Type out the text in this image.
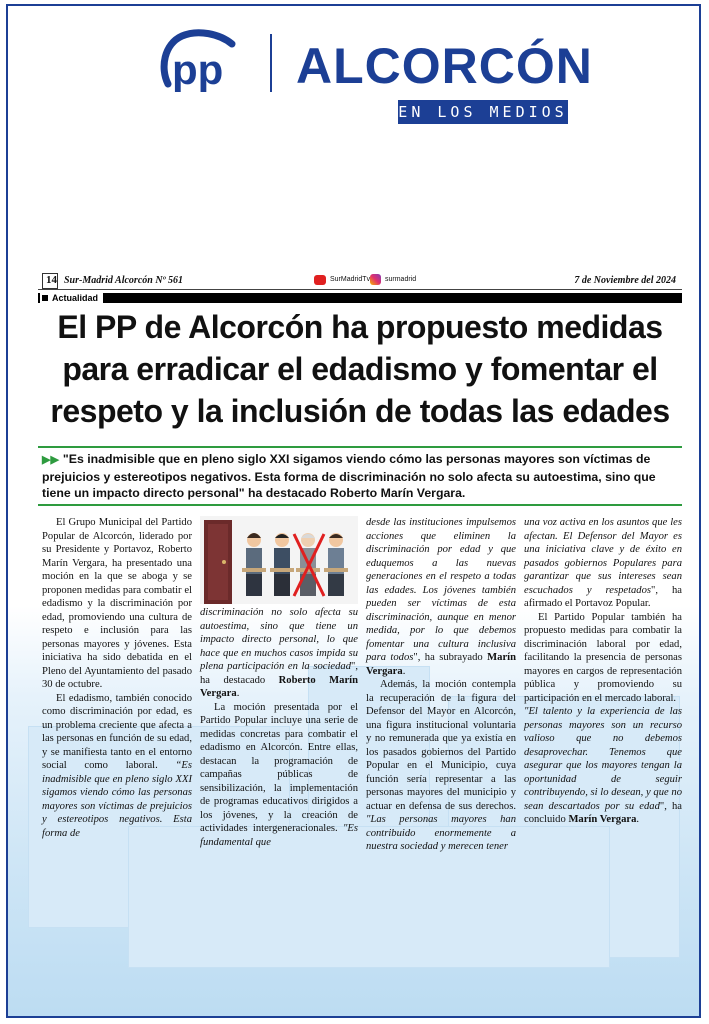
pp ALCORCÓN
EN LOS MEDIOS
14 Sur-Madrid Alcorcón Nº 561	SurMadridTv surmadrid	7 de Noviembre del 2024
Actualidad
El PP de Alcorcón ha propuesto medidas para erradicar el edadismo y fomentar el respeto y la inclusión de todas las edades
▶▶ "Es inadmisible que en pleno siglo XXI sigamos viendo cómo las personas mayores son víctimas de prejuicios y estereotipos negativos. Esta forma de discriminación no solo afecta su autoestima, sino que tiene un impacto directo personal" ha destacado Roberto Marín Vergara.

El Grupo Municipal del Partido Popular de Alcorcón, liderado por su Presidente y Portavoz, Roberto Marín Vergara, ha presentado una moción en la que se aboga y se proponen medidas para combatir el edadismo y la discriminación por edad, promoviendo una cultura de respeto e inclusión para las personas mayores y jóvenes. Esta iniciativa ha sido debatida en el Pleno del Ayuntamiento del pasado 30 de octubre.

El edadismo, también conocido como discriminación por edad, es un problema creciente que afecta a las personas en función de su edad, y se manifiesta tanto en el entorno social como laboral. “Es inadmisible que en pleno siglo XXI sigamos viendo cómo las personas mayores son víctimas de prejuicios y estereotipos negativos. Esta forma de

discriminación no solo afecta su autoestima, sino que tiene un impacto directo personal, lo que hace que en muchos casos impida su plena participación en la sociedad", ha destacado Roberto Marín Vergara.

La moción presentada por el Partido Popular incluye una serie de medidas concretas para combatir el edadismo en Alcorcón. Entre ellas, destacan la programación de campañas públicas de sensibilización, la implementación de programas educativos dirigidos a los jóvenes, y la creación de actividades intergeneracionales. "Es fundamental que

desde las instituciones impulsemos acciones que eliminen la discriminación por edad y que eduquemos a las nuevas generaciones en el respeto a todas las edades. Los jóvenes también pueden ser víctimas de esta discriminación, aunque en menor medida, por lo que debemos fomentar una cultura inclusiva para todos", ha subrayado Marín Vergara.

Además, la moción contempla la recuperación de la figura del Defensor del Mayor en Alcorcón, una figura institucional voluntaria y no remunerada que ya existía en los pasados gobiernos del Partido Popular en el Municipio, cuya función sería representar a las personas mayores del municipio y actuar en defensa de sus derechos. "Las personas mayores han contribuido enormemente a nuestra sociedad y merecen tener

una voz activa en los asuntos que les afectan. El Defensor del Mayor es una iniciativa clave y de éxito en pasados gobiernos Populares para garantizar que sus intereses sean escuchados y respetados", ha afirmado el Portavoz Popular.

El Partido Popular también ha propuesto medidas para combatir la discriminación laboral por edad, facilitando la presencia de personas mayores en cargos de representación pública y promoviendo su participación en el mercado laboral.

"El talento y la experiencia de las personas mayores son un recurso valioso que no debemos desaprovechar. Tenemos que asegurar que los mayores tengan la oportunidad de seguir contribuyendo, si lo desean, y que no sean descartados por su edad", ha concluido Marín Vergara.
